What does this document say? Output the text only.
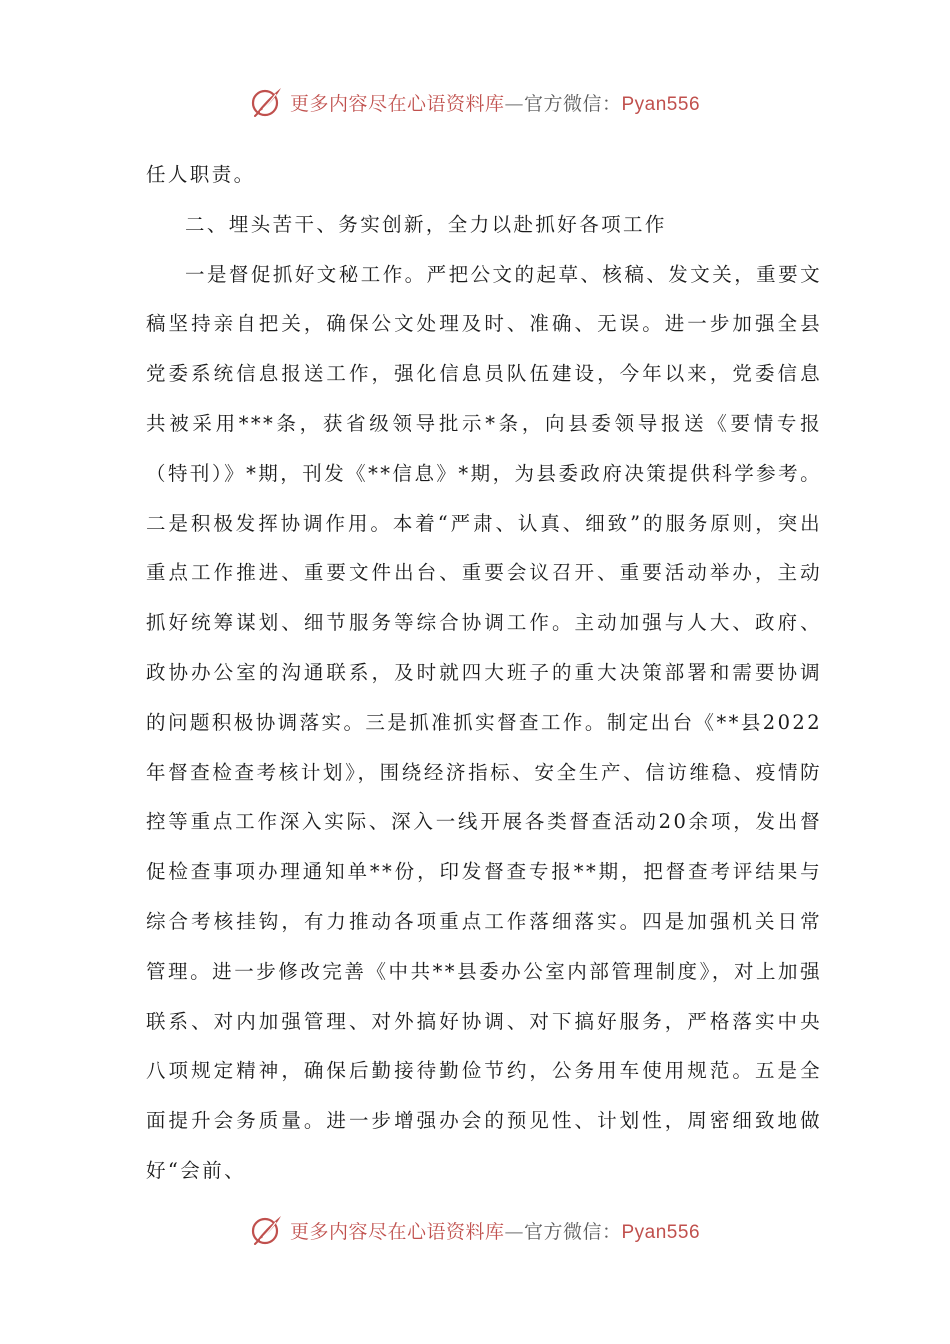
更多内容尽在心语资料库—官方微信：Pyan556

任人职责。

二、埋头苦干、务实创新，全力以赴抓好各项工作

一是督促抓好文秘工作。严把公文的起草、核稿、发文关，重要文稿坚持亲自把关，确保公文处理及时、准确、无误。进一步加强全县党委系统信息报送工作，强化信息员队伍建设，今年以来，党委信息共被采用***条，获省级领导批示*条，向县委领导报送《要情专报（特刊）》*期，刊发《**信息》*期，为县委政府决策提供科学参考。二是积极发挥协调作用。本着“严肃、认真、细致”的服务原则，突出重点工作推进、重要文件出台、重要会议召开、重要活动举办，主动抓好统筹谋划、细节服务等综合协调工作。主动加强与人大、政府、政协办公室的沟通联系，及时就四大班子的重大决策部署和需要协调的问题积极协调落实。三是抓准抓实督查工作。制定出台《**县2022年督查检查考核计划》，围绕经济指标、安全生产、信访维稳、疫情防控等重点工作深入实际、深入一线开展各类督查活动20余项，发出督促检查事项办理通知单**份，印发督查专报**期，把督查考评结果与综合考核挂钩，有力推动各项重点工作落细落实。四是加强机关日常管理。进一步修改完善《中共**县委办公室内部管理制度》，对上加强联系、对内加强管理、对外搞好协调、对下搞好服务，严格落实中央八项规定精神，确保后勤接待勤俭节约，公务用车使用规范。五是全面提升会务质量。进一步增强办会的预见性、计划性，周密细致地做好“会前、

更多内容尽在心语资料库—官方微信：Pyan556
